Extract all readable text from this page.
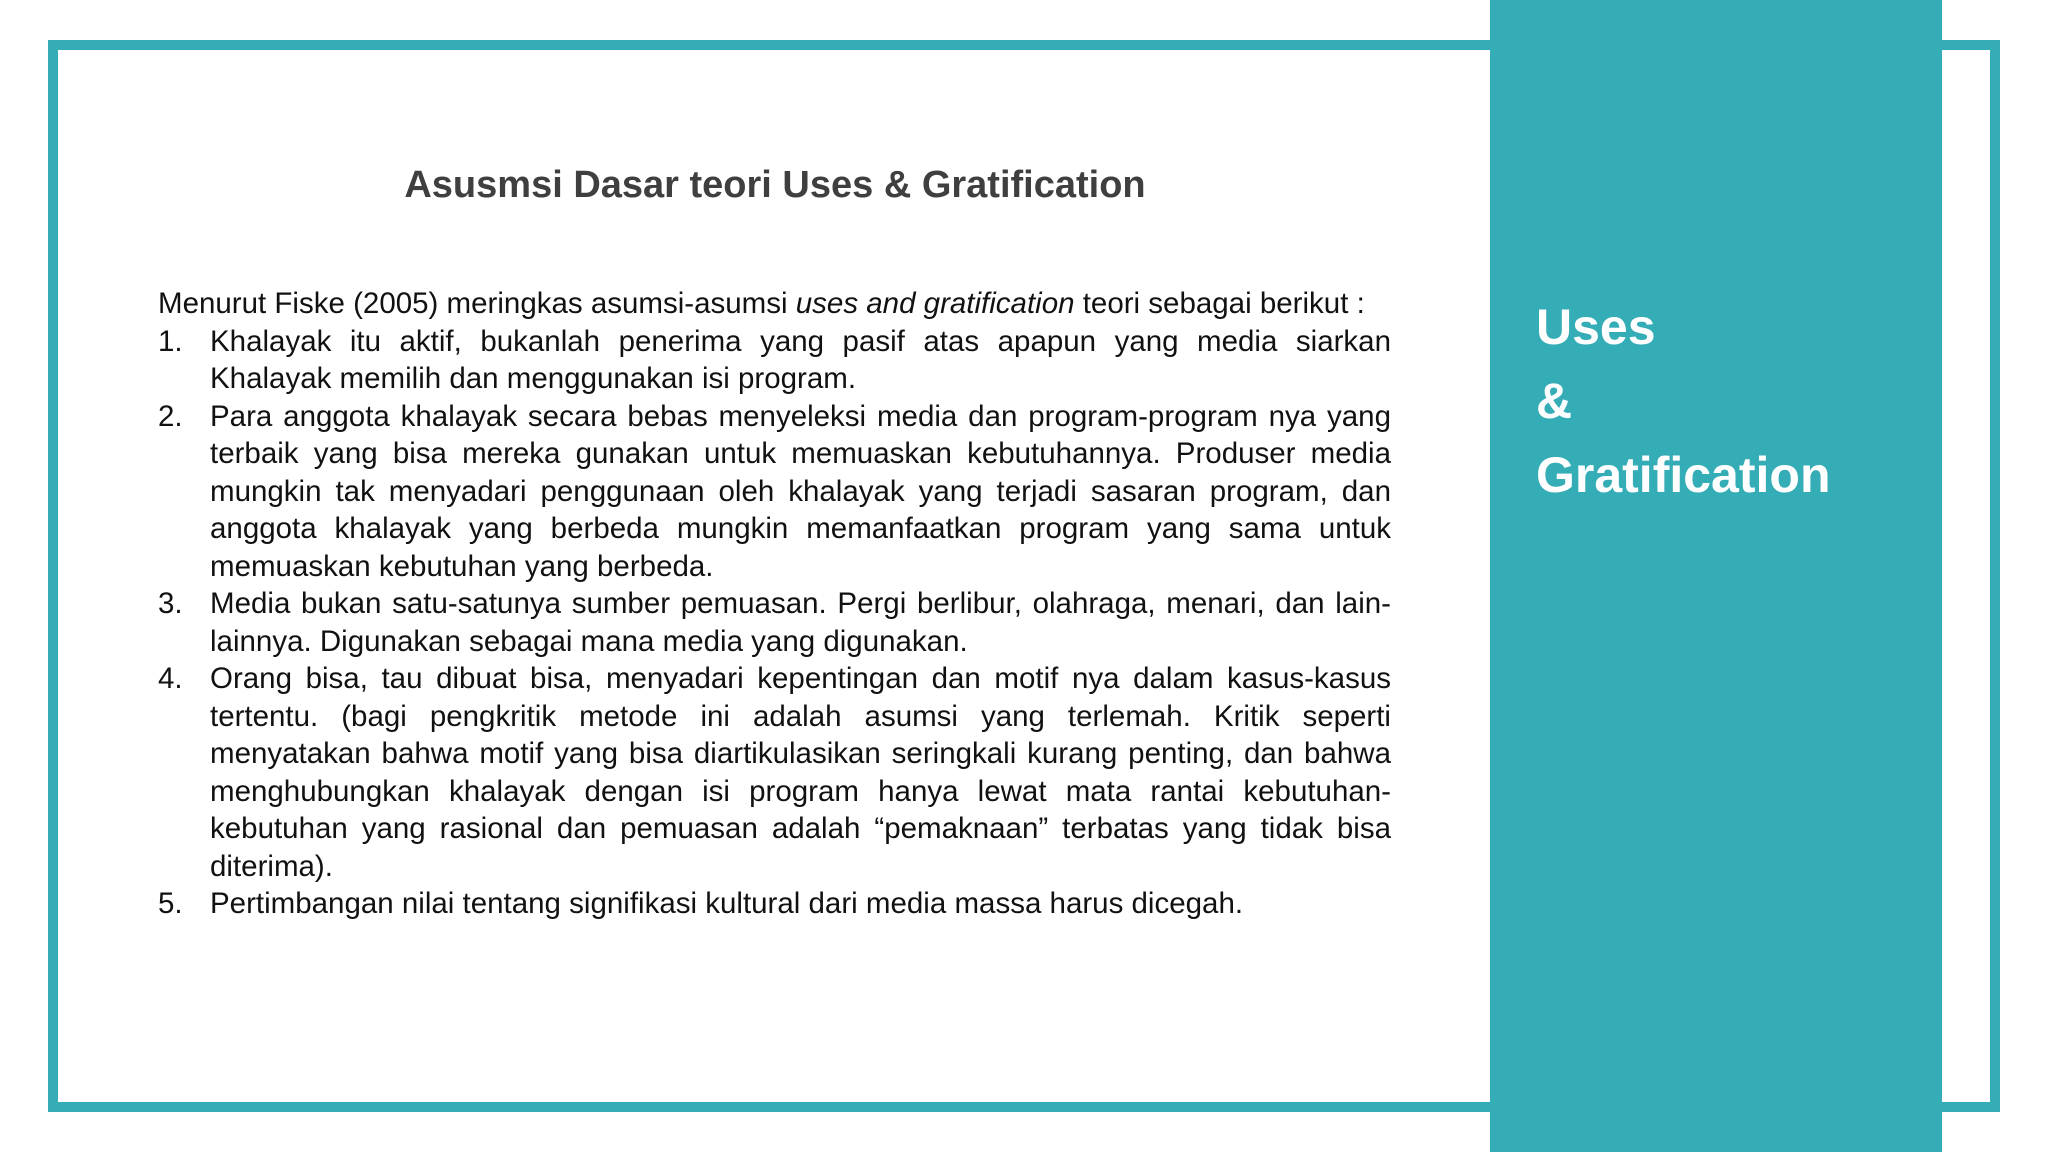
Uses
&
Gratification
Asusmsi Dasar teori Uses & Gratification

Menurut Fiske (2005) meringkas asumsi-asumsi uses and gratification teori sebagai berikut :

1. Khalayak itu aktif, bukanlah penerima yang pasif atas apapun yang media siarkan Khalayak memilih dan menggunakan isi program.
2. Para anggota khalayak secara bebas menyeleksi media dan program-program nya yang terbaik yang bisa mereka gunakan untuk memuaskan kebutuhannya. Produser media mungkin tak menyadari penggunaan oleh khalayak yang terjadi sasaran program, dan anggota khalayak yang berbeda mungkin memanfaatkan program yang sama untuk memuaskan kebutuhan yang berbeda.
3. Media bukan satu-satunya sumber pemuasan. Pergi berlibur, olahraga, menari, dan lain-lainnya. Digunakan sebagai mana media yang digunakan.
4. Orang bisa, tau dibuat bisa, menyadari kepentingan dan motif nya dalam kasus-kasus tertentu. (bagi pengkritik metode ini adalah asumsi yang terlemah. Kritik seperti menyatakan bahwa motif yang bisa diartikulasikan seringkali kurang penting, dan bahwa menghubungkan khalayak dengan isi program hanya lewat mata rantai kebutuhan-kebutuhan yang rasional dan pemuasan adalah “pemaknaan” terbatas yang tidak bisa diterima).
5. Pertimbangan nilai tentang signifikasi kultural dari media massa harus dicegah.
